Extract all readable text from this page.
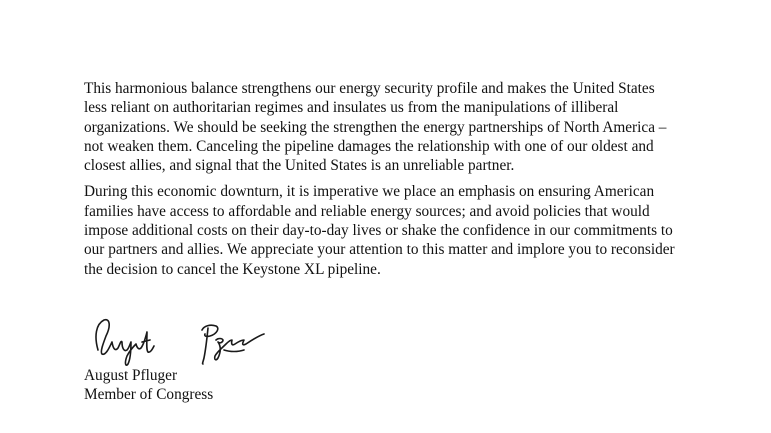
This harmonious balance strengthens our energy security profile and makes the United States
less reliant on authoritarian regimes and insulates us from the manipulations of illiberal
organizations. We should be seeking the strengthen the energy partnerships of North America –
not weaken them. Canceling the pipeline damages the relationship with one of our oldest and
closest allies, and signal that the United States is an unreliable partner.

During this economic downturn, it is imperative we place an emphasis on ensuring American
families have access to affordable and reliable energy sources; and avoid policies that would
impose additional costs on their day-to-day lives or shake the confidence in our commitments to
our partners and allies. We appreciate your attention to this matter and implore you to reconsider
the decision to cancel the Keystone XL pipeline.

August Pfluger
Member of Congress
